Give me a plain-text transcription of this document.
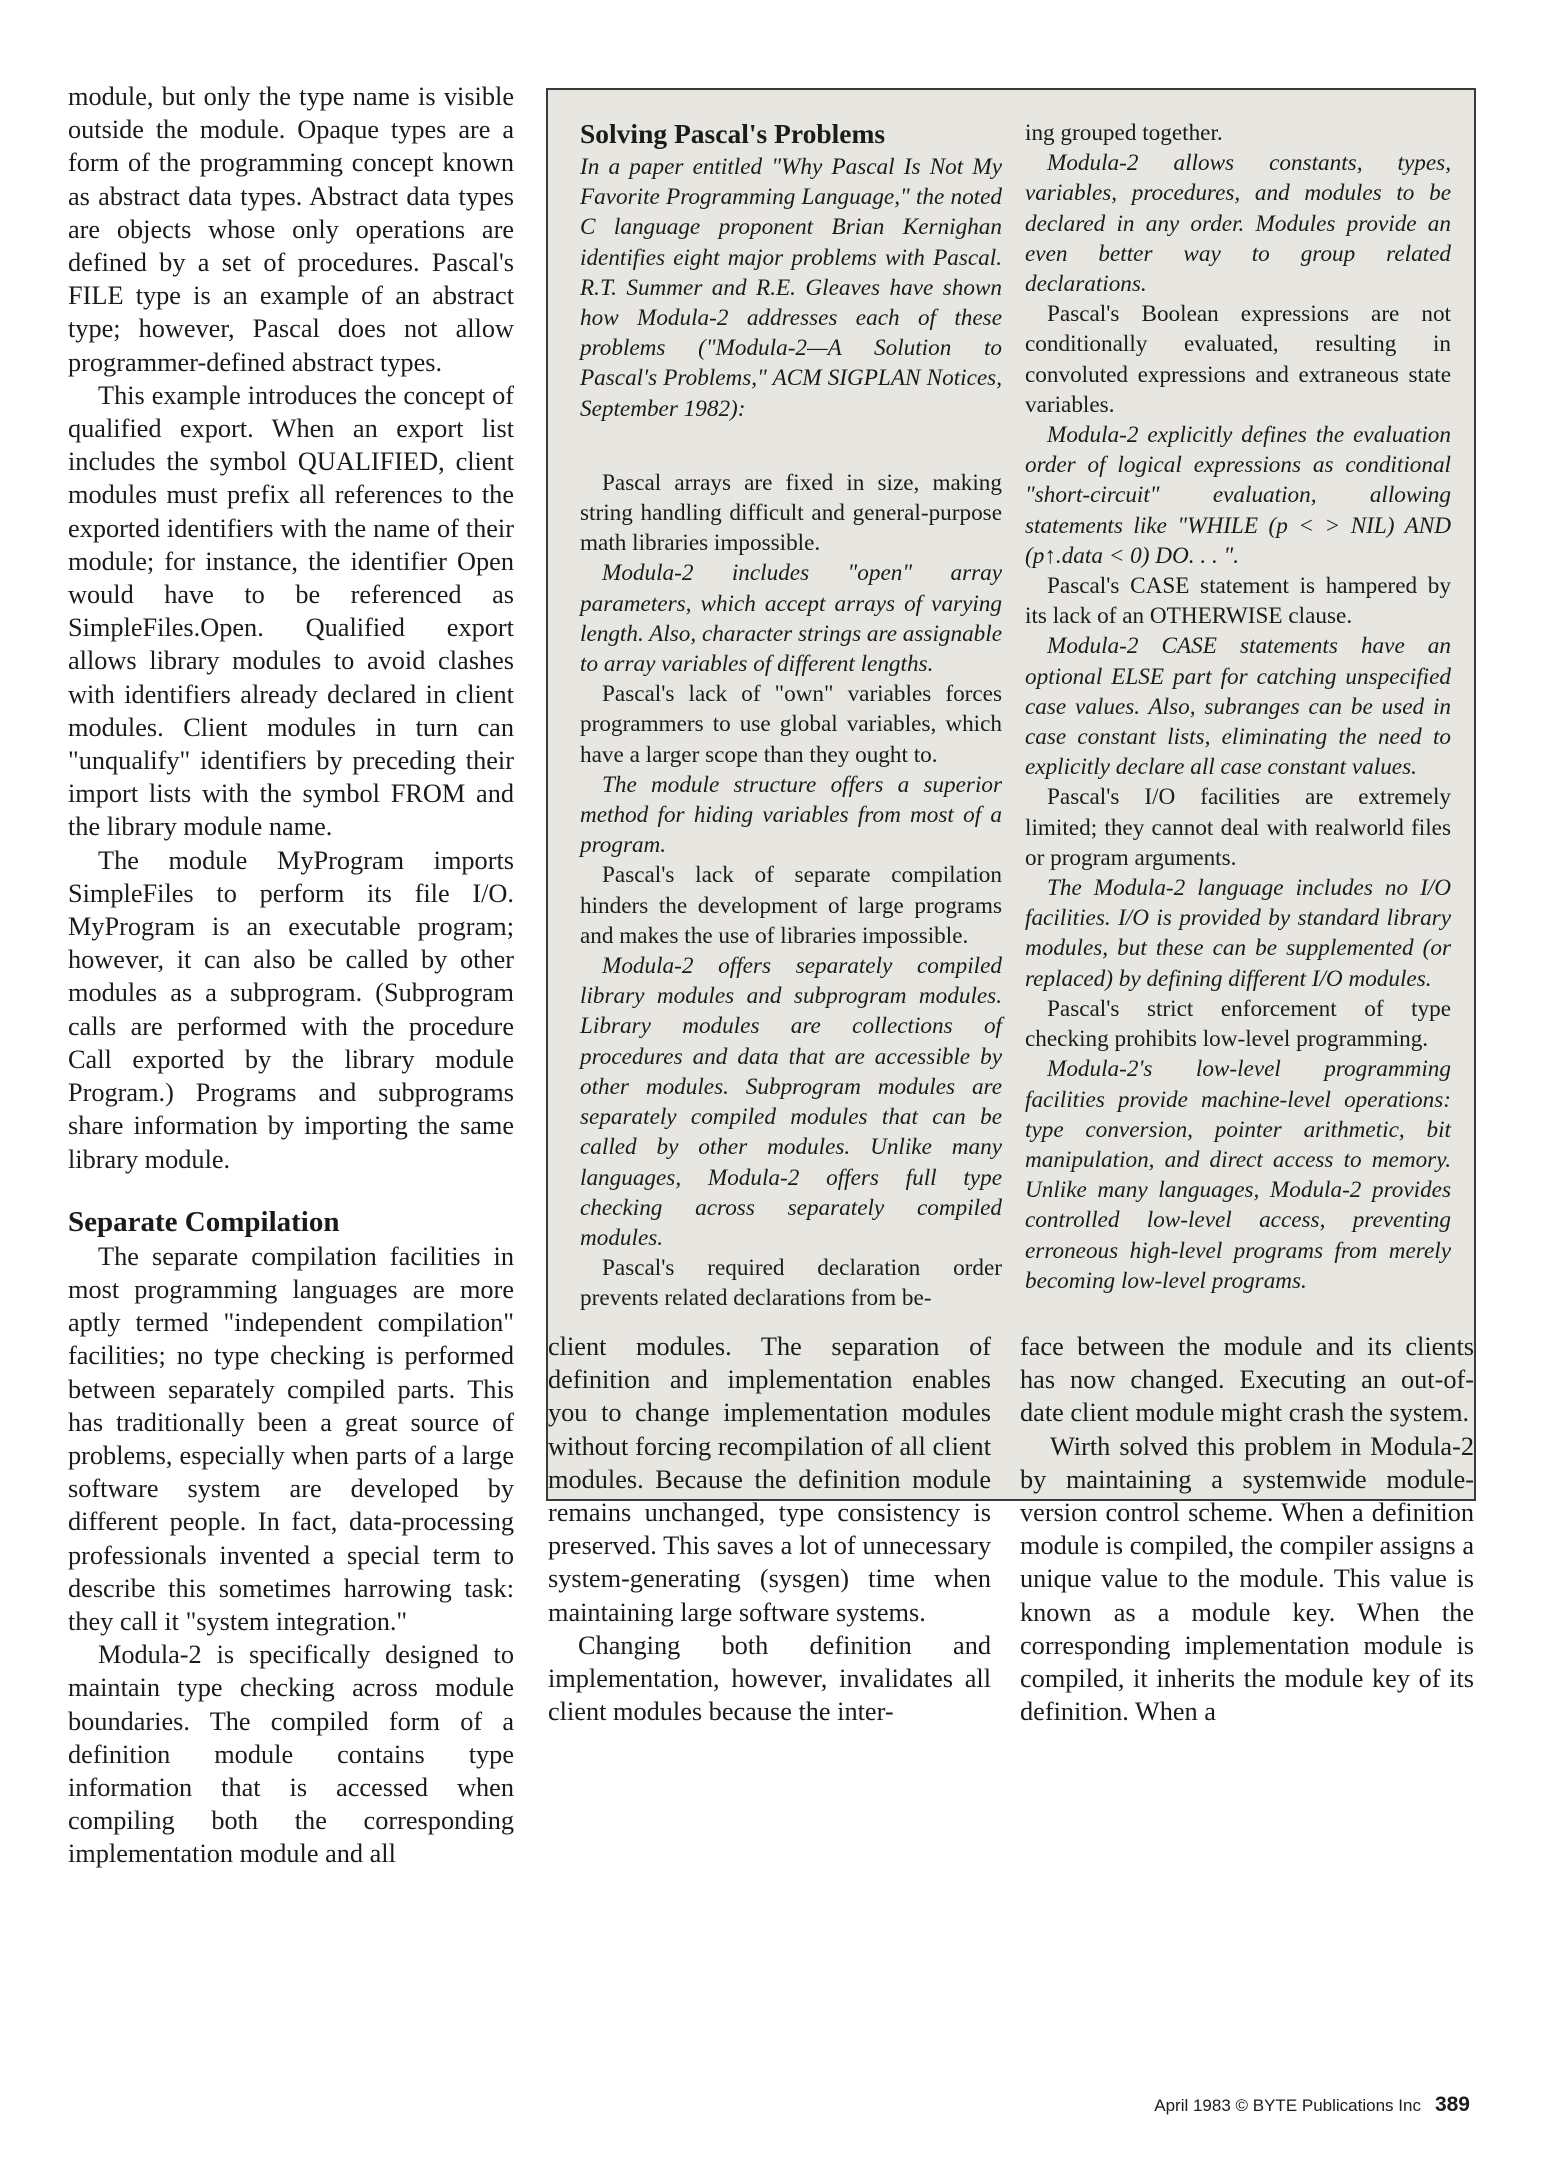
module, but only the type name is visible outside the module. Opaque types are a form of the programming concept known as abstract data types. Abstract data types are objects whose only operations are defined by a set of procedures. Pascal's FILE type is an example of an abstract type; however, Pascal does not allow programmer-defined abstract types.

This example introduces the concept of qualified export. When an export list includes the symbol QUALIFIED, client modules must prefix all references to the exported identifiers with the name of their module; for instance, the identifier Open would have to be referenced as SimpleFiles.Open. Qualified export allows library modules to avoid clashes with identifiers already declared in client modules. Client modules in turn can "unqualify" identifiers by preceding their import lists with the symbol FROM and the library module name.

The module MyProgram imports SimpleFiles to perform its file I/O. MyProgram is an executable program; however, it can also be called by other modules as a subprogram. (Subprogram calls are performed with the procedure Call exported by the library module Program.) Programs and subprograms share information by importing the same library module.

Separate Compilation

The separate compilation facilities in most programming languages are more aptly termed "independent compilation" facilities; no type checking is performed between separately compiled parts. This has traditionally been a great source of problems, especially when parts of a large software system are developed by different people. In fact, data-processing professionals invented a special term to describe this sometimes harrowing task: they call it "system integration."

Modula-2 is specifically designed to maintain type checking across module boundaries. The compiled form of a definition module contains type information that is accessed when compiling both the corresponding implementation module and all

Solving Pascal's Problems

In a paper entitled "Why Pascal Is Not My Favorite Programming Language," the noted C language proponent Brian Kernighan identifies eight major problems with Pascal. R.T. Summer and R.E. Gleaves have shown how Modula-2 addresses each of these problems ("Modula-2—A Solution to Pascal's Problems," ACM SIGPLAN Notices, September 1982):

Pascal arrays are fixed in size, making string handling difficult and general-purpose math libraries impossible.

Modula-2 includes "open" array parameters, which accept arrays of varying length. Also, character strings are assignable to array variables of different lengths.

Pascal's lack of "own" variables forces programmers to use global variables, which have a larger scope than they ought to.

The module structure offers a superior method for hiding variables from most of a program.

Pascal's lack of separate compilation hinders the development of large programs and makes the use of libraries impossible.

Modula-2 offers separately compiled library modules and subprogram modules. Library modules are collections of procedures and data that are accessible by other modules. Subprogram modules are separately compiled modules that can be called by other modules. Unlike many languages, Modula-2 offers full type checking across separately compiled modules.

Pascal's required declaration order prevents related declarations from be-

ing grouped together.

Modula-2 allows constants, types, variables, procedures, and modules to be declared in any order. Modules provide an even better way to group related declarations.

Pascal's Boolean expressions are not conditionally evaluated, resulting in convoluted expressions and extraneous state variables.

Modula-2 explicitly defines the evaluation order of logical expressions as conditional "short-circuit" evaluation, allowing statements like "WHILE (p < > NIL) AND (p↑.data < 0) DO. . . ".

Pascal's CASE statement is hampered by its lack of an OTHERWISE clause.

Modula-2 CASE statements have an optional ELSE part for catching unspecified case values. Also, subranges can be used in case constant lists, eliminating the need to explicitly declare all case constant values.

Pascal's I/O facilities are extremely limited; they cannot deal with realworld files or program arguments.

The Modula-2 language includes no I/O facilities. I/O is provided by standard library modules, but these can be supplemented (or replaced) by defining different I/O modules.

Pascal's strict enforcement of type checking prohibits low-level programming.

Modula-2's low-level programming facilities provide machine-level operations: type conversion, pointer arithmetic, bit manipulation, and direct access to memory. Unlike many languages, Modula-2 provides controlled low-level access, preventing erroneous high-level programs from merely becoming low-level programs.

client modules. The separation of definition and implementation enables you to change implementation modules without forcing recompilation of all client modules. Because the definition module remains unchanged, type consistency is preserved. This saves a lot of unnecessary system-generating (sysgen) time when maintaining large software systems.

Changing both definition and implementation, however, invalidates all client modules because the inter-

face between the module and its clients has now changed. Executing an out-of-date client module might crash the system.

Wirth solved this problem in Modula-2 by maintaining a systemwide module-version control scheme. When a definition module is compiled, the compiler assigns a unique value to the module. This value is known as a module key. When the corresponding implementation module is compiled, it inherits the module key of its definition. When a

April 1983 © BYTE Publications Inc 389
